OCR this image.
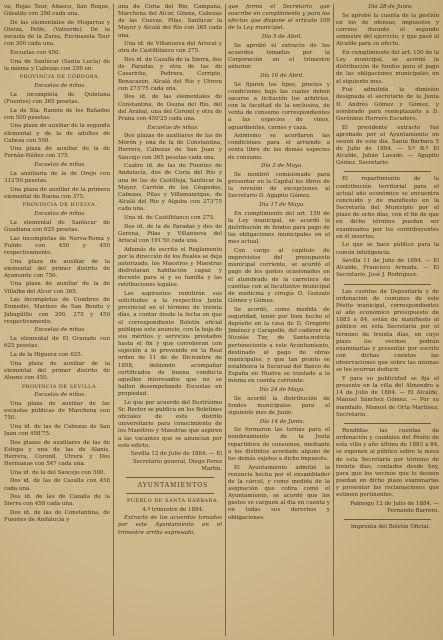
va, Rojas Tour, Añasco, San Roque, Gilsaldo con 350 cada una.

De las elementales de Mogarraz y Oteiza, Pelfo, (Valverde). De la escuela de la Zarza, Encinasola Tour con 300 cada una.

Escuelas con 450.

Una de Sanlúcar (Santa Lucía) de la misma y Cabezas con 250 en.

PROVINCIA DE CÓRDOBA.

Escuelas de niños.

La incompleta de Quintana (Fuentes) con 365 pesetas.

La de Sta. Ramón de los Bañados con 500 pesetas.

Una plaza de auxiliar de la segunda elemental y de la de adultos de Cabeza con 550.

Una plaza de auxiliar de la de Fernán-Núñez con 375.

Escuelas de niñas.

La auxiliaria de la de Orejo con 312'50 pesetas.

Una plaza de auxiliar de la primera elemental de Baena con 375.

PROVINCIA DE HUELVA.

Escuelas de niños.

La elemental de Sanlúcar de Guadiana con 625 pesetas.

Las incompletas de Nerva-Roma y Pulido con 450 y 450 respectivamente.

Una plaza de auxiliar de la elemental del primer distrito de Ayamonte con 750.

Una plaza de auxiliar de la de Villalba del Alcor con 365.

Las incompletas de Cumbres de Enmedio, Marines de San Benito y Jabugüillo con 200, 275 y 450 respectivamente.

Escuelas de niñas.

La elemental de El Granado con 625 pesetas.

La de la Higuera con 625.

Una plaza de auxiliar de la elemental del primer distrito de Alosno con 450.

PROVINCIA DE SEVILLA.

Escuelas de niños.

Una plaza de auxiliar de las escuelas públicas de Marchena con 750.

Una id. de las de Cabezas de San Juan con 458'75.

Dos plazas de auxiliares de las de Estepa y una de las de Alanís, Herrera, Coronil, Utrera y Dos Hermanas con 547 cada una.

Una id. de la del Saucejo con 500.

Dos id. de las de Cazalla con 458 cada una.

Dos id. de las de Cazalla de la Sierra con 458 cada una.

Dos id. de las de Constantina, de Fuentes de Andalucía y

una de Coria del Río, Campana, Marchena del Alcor, Gilena, Cabezas de las Cuevas, Pilas, Sanlúcar la Mayor y Alcalá del Río con 365 cada una.

Una id. de Villanueva del Ariscal y otra de Castilblanco con 275.

Dos id. de Cazalla de la Sierra, dos de Paradas y otra de las de Casariche, Pedrera, Corripio, Benacazón, Alcalá del Río y Utrera con 273'75 cada una.

Dos id. de las elementales de Constantina, de Osuna del Río, del del Arahal, una del Coronil y otra de Pruna con 450'25 cada una.

Escuelas de niñas.

Dos plazas de auxiliares de las de Morón y una de la de Constantina, Herrera, Cabezas de San Juan y Saucejo con 365 pesetas cada una.

Cuatro id. de las de Fuentes de Andalucía, dos de Coria del Río y una de las de Castilleja, Sanlúcar la Mayor, Carrión de los Céspedes, Cabezas, Pilas y Villamanrique, de Alcalá del Río y Algaba con 273'75 cada una.

Una id. de Castilblanco con 275.

Dos id. de la de Paradas y des de Gerena, Pilas y Villanueva del Ariscal con 191'50 cada una.

Además de escrito el Reglamento por la dirección de los Reales se deja autorizado, los Maestros y Maestras disfrutaran habitación capaz y decente para sí y su familia y las retribuciones legales.

Los aspirantes remitirán sus solicitudes a la respectiva Junta provincial en el término de treinta días, a contar desde la fecha en que el correspondiente Boletín oficial publique este anuncio, con la hoja de sus méritos y servicios prestados hasta el fin y que corroboran con sujeción a lo prevenido en la Real orden de 11 de de Diciembre de 1858, debiendo acompañar certificados de buena conducta aquellos interesados que no se hallen desempeñando Escuelas en propiedad.

Lo que por acuerdo del Ilustrísimo Sr. Rector se publica en los Boletines oficiales de este distrito universitario para conocimiento de los Maestros y Maestras que aspiren a las vacantes que se anuncian por este edicto.

Sevilla 12 de Julio de 1884. — El Secretario general, Diego Perez Martín.

AYUNTAMIENTOS

PUEBLO DE SANTA BÁRBARA.

4.º trimestre de 1884.

Extracto de los acuerdos tomados por este Ayuntamiento en el trimestre arriba expresado,

que forma el Secretario que suscribe en cumplimiento y para los efectos que dispone el artículo 109 de la Ley municipal.

Día 5 de Abril.

Se aprobó el extracto de los acuerdos tomados por la Corporación en el trimestre anterior.

Día 10 de Abril.

Se fijaron los tipos, precios y condiciones bajo las cuales deben sacarse a licitación los arbitrios, con la facultad de la exclusiva, de venta de consumo correspondientes a las especies de vinos, aguardientes, carnes y caza.

Asimismo se acordaron las condiciones para el arriendo a venta libre de las demás especies de consumo.

Día 3 de Mayo.

Se nombró comisionado para presentar en la Capital los libros de la revisión de excepciones al Secretario D. Agapito Gómez.

Día 17 de Mayo.

En cumplimiento del art. 150 de la Ley municipal, se acordó la distribución de fondos para pago de las obligaciones municipales en el mes actual.

Con cargo al capítulo de imprevistos del presupuesto municipal corriente, se acordó el pago de los gastos ocasionados en el alumbrado de la carretera de cuentas con al facultativo municipal de medicina y cirugía D. Gonzalo Gómez y Gómez.

Se acordó, como medida de seguridad, tener por bien hecho el depósito en la casa de D. Gregorio Jiménez y Carapollo, del cadáver de Nicolás Tur, de Santa-noticia perteneciente a este Ayuntamiento, destinado al pago de obras municipales, y que tan pronto se establezca la Sucursal del Banco de España en Huelva se traslade a la misma en cuenta corriente.

Día 24 de Mayo.

Se acordó la distribución de fondos municipales para el siguiente mes de Junio.

Día 14 de Junio.

Se formaron las ternas para el nombramiento de la Junta repartidora de consumos, mediante a los distintos acordado alguno de los demás sujetos a dicho impuesto.

El Ayuntamiento admitió la renuncia hecha por el ensamblador de la cárcel, y como medida de la asignación que cobra como el Ayuntamiento, se acordó que los gastos se carguen al día en cuenta y en todas sus derechos y obligaciones.

Día 28 de Junio.

Se aprobó la cuenta de la gestión en los de ofensas, impuestos y correos durante el segundo semestre del ejercicio, y que pasó al Alcalde para su efecto.

En cumplimiento del art. 150 de la Ley municipal, se acordó la distribución de fondos para el pago de las obligaciones municipales en el siguiente mes.

Fué admitida la dimisión designada el secretario de la Junta D. Andrés Gómez y Gómez, y nombrado para reemplazarle a D. Gerónimo Herrero Escudero.

El presidente extracto fué aprobado por el Ayuntamiento en sesión de este día. Santa Bárbara 5 de Julio de 1884. — V.º B.º El Alcalde, Julián Lavado. — Agapito Gómez, Secretario.

El repartimiento de la contribución territorial para el actual año económico se encuentra concluido y de manifiesto en la Secretaría del Municipio por el plazo de ocho días, con el fin de que en dicho término puedan ser examinados por los contribuyentes en él insertos.

Lo que se hace público para la común inteligencia.

Sevilla 11 de Julio de 1884. — El Alcalde, Francisco Armada. — El Secretario, José J. Rodríguez.

Las cuentas de Depositaría y de ordenación de comunes de este Pósito municipal, correspondientes al año económico presupuesto de 1883 a 84, están de manifiesto al público en esta Secretaría por el término de treinta días, en cuyo plazo los vecinos podrán examinarlas y presentar por escrito con dichas cuentas las observaciones que sobre las mismas se les ocurran deducir.

Y para su publicidad se fija el presente en la villa del Almendro a 14 de Julio de 1884. — El Alcalde, Manuel Sánchez Gómez. — Por su mandado, Manuel de Orta Martínez, Secretario.

Rendidas las cuentas de ordenación y caudales del Pósito de esta villa y año último de 1883 a 84, se exponen al público sobre la mesa de esta Secretaría por término de treinta días, contados desde hoy, para que los vecinos que lo deseen puedan en dicho plazo examinarlas y presentar las reclamaciones que estimen pertinentes.

Palmogo 12 de Julio de 1884. — Fernando Barrero.

Imprenta del Boletín Oficial.
